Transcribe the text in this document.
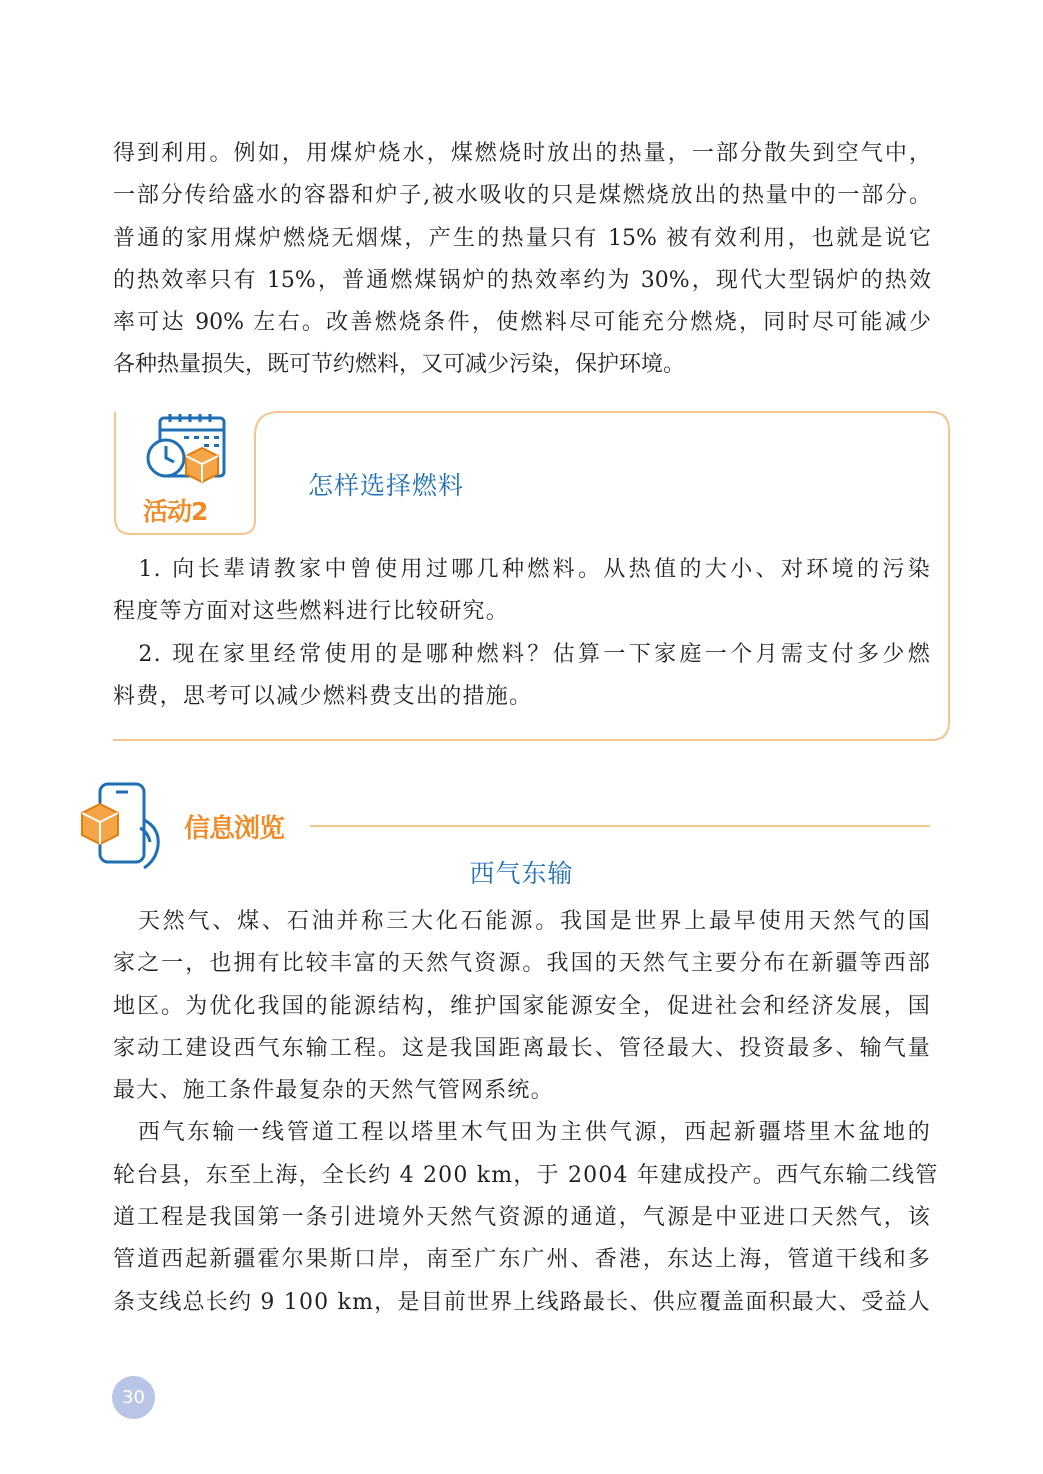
得到利用。例如，用煤炉烧水，煤燃烧时放出的热量，一部分散失到空气中，
一部分传给盛水的容器和炉子,被水吸收的只是煤燃烧放出的热量中的一部分。
普通的家用煤炉燃烧无烟煤，产生的热量只有 15% 被有效利用，也就是说它
的热效率只有 15%，普通燃煤锅炉的热效率约为 30%，现代大型锅炉的热效
率可达 90% 左右。改善燃烧条件，使燃料尽可能充分燃烧，同时尽可能减少
各种热量损失，既可节约燃料，又可减少污染，保护环境。
活动2
怎样选择燃料
　1. 向长辈请教家中曾使用过哪几种燃料。从热值的大小、对环境的污染
程度等方面对这些燃料进行比较研究。
　2. 现在家里经常使用的是哪种燃料？估算一下家庭一个月需支付多少燃
料费，思考可以减少燃料费支出的措施。
信息浏览
西气东输
　天然气、煤、石油并称三大化石能源。我国是世界上最早使用天然气的国
家之一，也拥有比较丰富的天然气资源。我国的天然气主要分布在新疆等西部
地区。为优化我国的能源结构，维护国家能源安全，促进社会和经济发展，国
家动工建设西气东输工程。这是我国距离最长、管径最大、投资最多、输气量
最大、施工条件最复杂的天然气管网系统。
　西气东输一线管道工程以塔里木气田为主供气源，西起新疆塔里木盆地的
轮台县，东至上海，全长约 4 200 km，于 2004 年建成投产。西气东输二线管
道工程是我国第一条引进境外天然气资源的通道，气源是中亚进口天然气，该
管道西起新疆霍尔果斯口岸，南至广东广州、香港，东达上海，管道干线和多
条支线总长约 9 100 km，是目前世界上线路最长、供应覆盖面积最大、受益人
30
